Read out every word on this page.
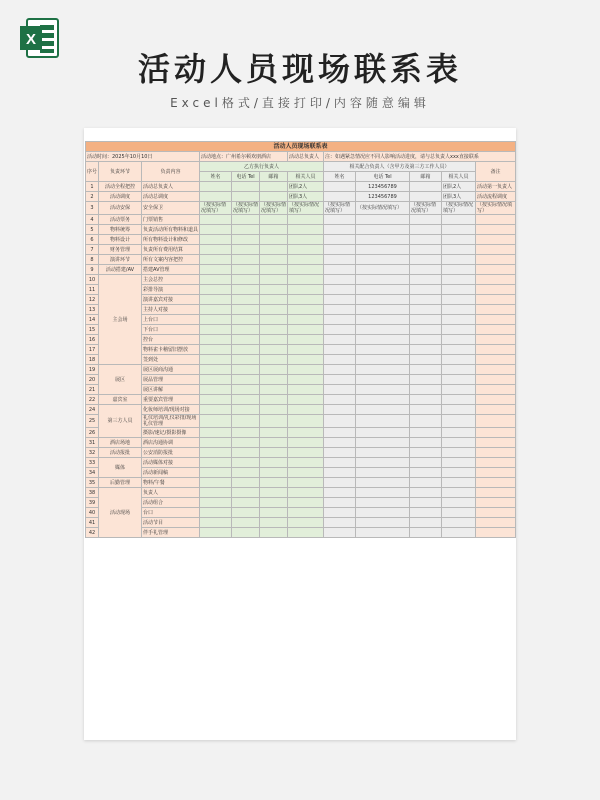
X
活动人员现场联系表
Excel格式/直接打印/内容随意编辑
活动人员现场联系表											
活动时间：2025年10月10日			活动地点：广州希尔顿欢朋酒店			活动总负责人	注：如遇紧急情况应不同人影响活动进度，请与总负责人xxx直接联系				
序号	负责环节	负责内容	乙方执行负责人				相关配合负责人（含甲方及第三方工作人员）				备注
			姓名	电话 Tel	邮箱	相关人员	姓名	电话 Tel	邮箱	相关人员	
1	活动全程把控	活动总负责人				团队2人		123456789		团队2人	活动第一负责人
2	活动调度	活动总调度				团队3人		123456789		团队3人	活动流程调度
3	活动安保	安全保卫	（按实际情况填写）	（按实际情况填写）	（按实际情况填写）	（按实际情况填写）	（按实际情况填写）	（按实际情况填写）	（按实际情况填写）	（按实际情况填写）	（按实际情况填写）
4	活动票务	门票销售									
5	物料统筹	负责活动所有物料和道具									
6	物料设计	所有物料设计和修改									
7	财务管理	负责所有费用结算									
8	演讲环节	所有文案内容把控									
9	活动搭建/AV	搭建AV管理									
10	主会场	主会总控									
11		彩排导演									
12		演讲嘉宾对接									
13		主持人对接									
14		上台口									
15		下台口									
16		控台									
17		物料雀卡稽留旧摆放									
18		签到处									
19	展区	展区展商沟通									
20		展品管理									
21		展区讲解									
22	嘉宾室	重要嘉宾管理									
24	第三方人员	化妆师培训/现场对接									
25		礼仪培训/礼仪彩排/现场礼仪管理									
26		摄影/速记/摄影摄像									
31	酒店场地	酒店沟通协调									
32	活动报批	公安消防报批									
33	媒体	活动媒体对接									
34		活动新闻稿									
35	后勤管理	物料/午餐									
38	活动现场	负责人									
39		活动组合									
40		台口									
41		活动节目									
42		伴手礼管理									
